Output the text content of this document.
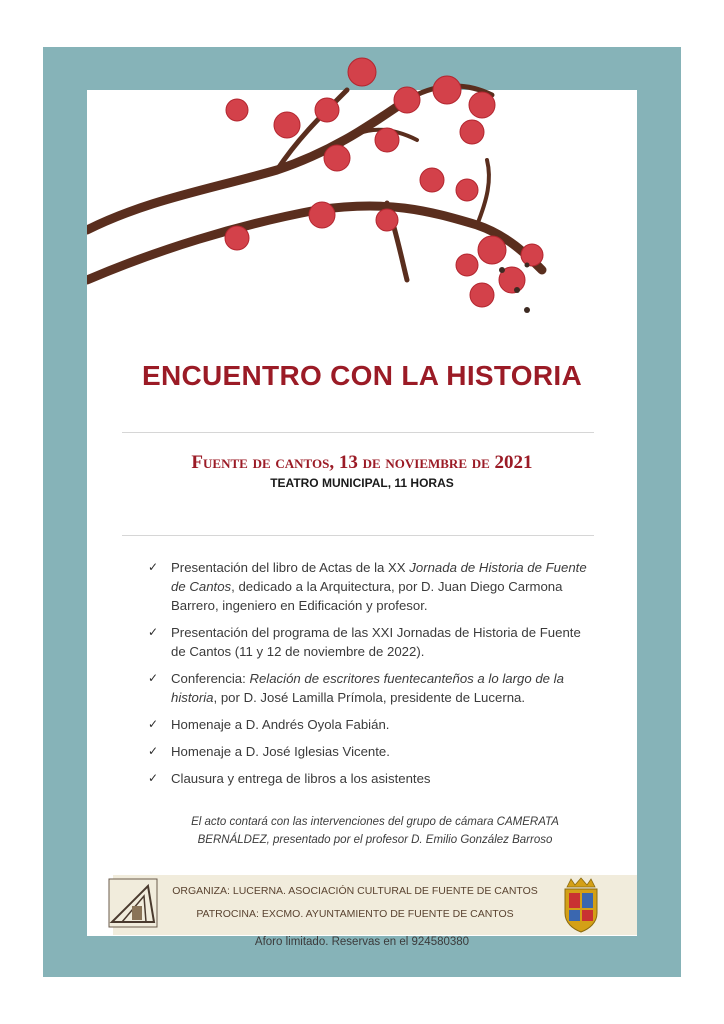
ENCUENTRO CON LA HISTORIA
Fuente de cantos, 13 de noviembre de 2021
TEATRO MUNICIPAL, 11 HORAS
✓ Presentación del libro de Actas de la XX Jornada de Historia de Fuente de Cantos, dedicado a la Arquitectura, por D. Juan Diego Carmona Barrero, ingeniero en Edificación y profesor.
✓ Presentación del programa de las XXI Jornadas de Historia de Fuente de Cantos (11 y 12 de noviembre de 2022).
✓ Conferencia: Relación de escritores fuentecanteños a lo largo de la historia, por D. José Lamilla Prímola, presidente de Lucerna.
✓ Homenaje a D. Andrés Oyola Fabián.
✓ Homenaje a D. José Iglesias Vicente.
✓ Clausura y entrega de libros a los asistentes
El acto contará con las intervenciones del grupo de cámara CAMERATA
BERNÁLDEZ, presentado por el profesor D. Emilio González Barroso
ORGANIZA: LUCERNA. ASOCIACIÓN CULTURAL DE FUENTE DE CANTOS
PATROCINA: EXCMO. AYUNTAMIENTO DE FUENTE DE CANTOS
Aforo limitado. Reservas en el 924580380
